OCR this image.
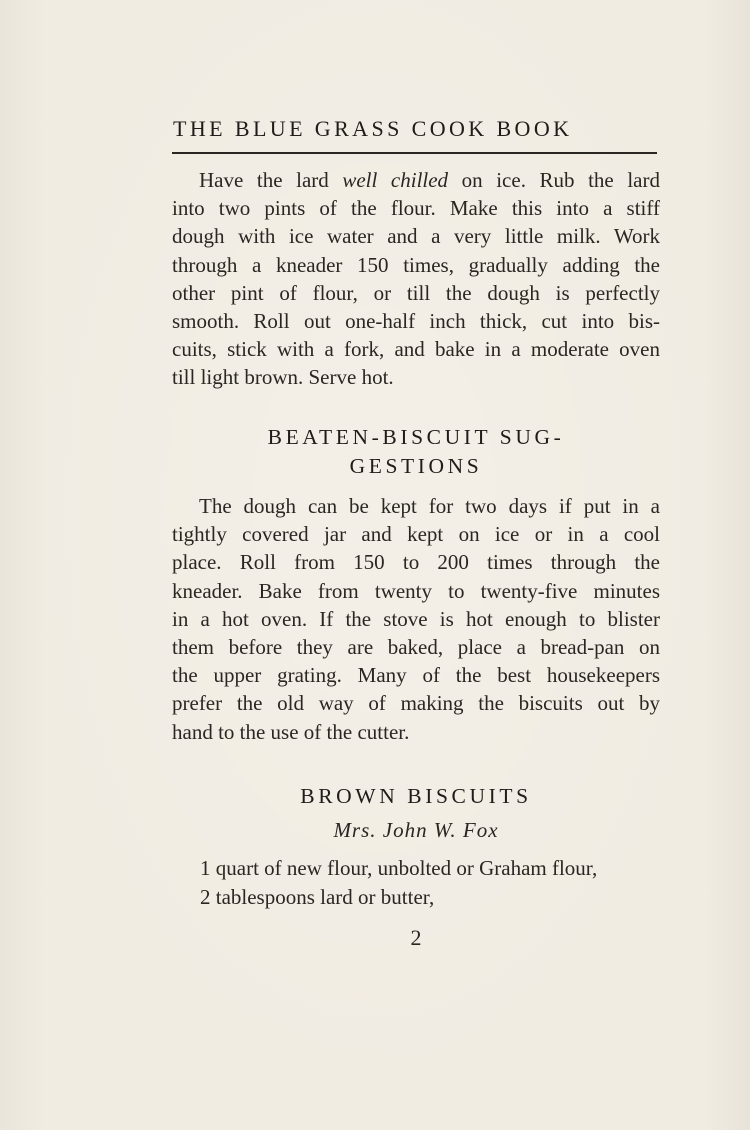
THE BLUE GRASS COOK BOOK
Have the lard well chilled on ice. Rub the lard
into two pints of the flour. Make this into a stiff
dough with ice water and a very little milk. Work
through a kneader 150 times, gradually adding the
other pint of flour, or till the dough is perfectly
smooth. Roll out one-half inch thick, cut into bis-
cuits, stick with a fork, and bake in a moderate oven
till light brown. Serve hot.
BEATEN-BISCUIT SUG-
GESTIONS
The dough can be kept for two days if put in a
tightly covered jar and kept on ice or in a cool
place. Roll from 150 to 200 times through the
kneader. Bake from twenty to twenty-five minutes
in a hot oven. If the stove is hot enough to blister
them before they are baked, place a bread-pan on
the upper grating. Many of the best housekeepers
prefer the old way of making the biscuits out by
hand to the use of the cutter.
BROWN BISCUITS
Mrs. John W. Fox
1 quart of new flour, unbolted or Graham flour,
2 tablespoons lard or butter,
2
